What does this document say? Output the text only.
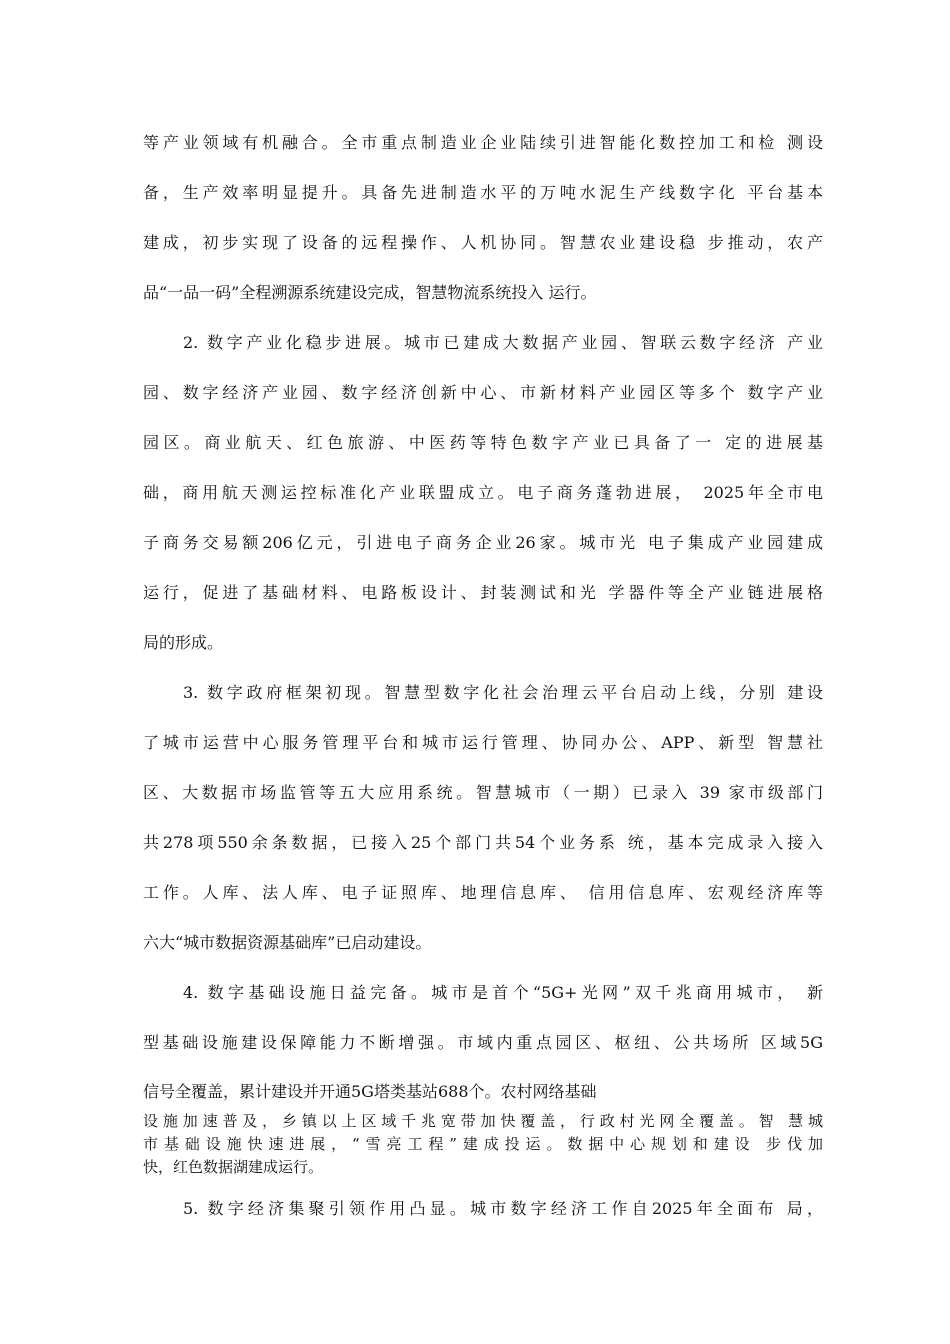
等产业领域有机融合。全市重点制造业企业陆续引进智能化数控加工和检 测设
备，生产效率明显提升。具备先进制造水平的万吨水泥生产线数字化 平台基本
建成，初步实现了设备的远程操作、人机协同。智慧农业建设稳 步推动，农产
品“一品一码”全程溯源系统建设完成，智慧物流系统投入 运行。
2. 数字产业化稳步进展。城市已建成大数据产业园、智联云数字经济 产业
园、数字经济产业园、数字经济创新中心、市新材料产业园区等多个 数字产业
园区。商业航天、红色旅游、中医药等特色数字产业已具备了一 定的进展基
础，商用航天测运控标准化产业联盟成立。电子商务蓬勃进展， 2025年全市电
子商务交易额206亿元，引进电子商务企业26家。城市光 电子集成产业园建成
运行，促进了基础材料、电路板设计、封装测试和光 学器件等全产业链进展格
局的形成。
3. 数字政府框架初现。智慧型数字化社会治理云平台启动上线，分别 建设
了城市运营中心服务管理平台和城市运行管理、协同办公、APP、新型 智慧社
区、大数据市场监管等五大应用系统。智慧城市（一期）已录入 39 家市级部门
共278项550余条数据，已接入25个部门共54个业务系 统，基本完成录入接入
工作。人库、法人库、电子证照库、地理信息库、 信用信息库、宏观经济库等
六大“城市数据资源基础库”已启动建设。
4. 数字基础设施日益完备。城市是首个“5G+光网”双千兆商用城市， 新
型基础设施建设保障能力不断增强。市域内重点园区、枢纽、公共场所 区域5G
信号全覆盖，累计建设并开通5G塔类基站688个。农村网络基础
设施加速普及，乡镇以上区域千兆宽带加快覆盖，行政村光网全覆盖。智 慧城
市基础设施快速进展，“雪亮工程”建成投运。数据中心规划和建设 步伐加
快，红色数据湖建成运行。
5. 数字经济集聚引领作用凸显。城市数字经济工作自2025年全面布 局，
